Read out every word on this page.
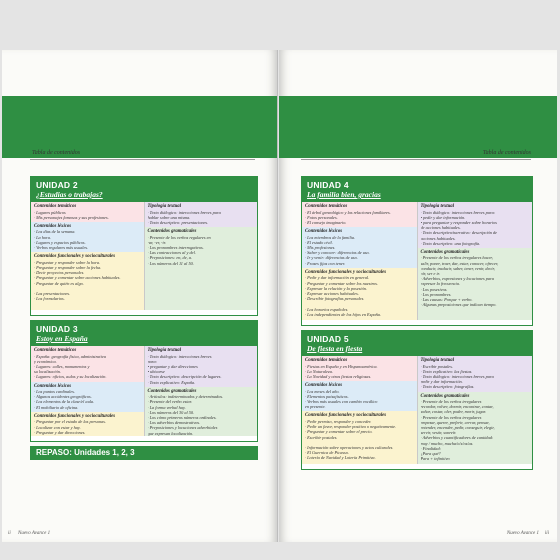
Tabla de contenidos
UNIDAD 2
¿Estudias o trabajas?
Contenidos temáticos
· Lugares públicos
· Mis personajes famosos y sus profesiones.
Contenidos léxicos
· Los días de la semana.
· La hora.
· Lugares y espacios públicos.
· Verbos regulares más usuales.
Contenidos funcionales y socioculturales
· Preguntar y responder sobre la hora.
· Preguntar y responder sobre la fecha.
· Decir proyectos personales.
· Preguntar y comentar sobre acciones habituales.
· Preguntar de quién es algo.

· Las presentaciones.
· Los formularios.
Tipología textual
· Texto diálogico: intercciones breves para
hablar sobre una misma.
· Texto descriptivo: presentaciones.
Contenidos gramaticales
· Presente de los verbos regulares en
-ar, -er, -ir.
· Los pronombres interrogativos.
· Las contracciones al y del.
· Preposiciones: en, de, a.
· Los números del 11 al 50.
UNIDAD 3
Estoy en España
Contenidos temáticos
· España: geografía física, administrativa
y económica.
· Lugares: calles, monumentos y
su localización.
· Lugares: oficios, aulas y su localización.
Contenidos léxicos
· Los puntos cardinales.
· Algunos accidentes geográficos.
· Los elementos de la clase/el aula.
· El mobiliario de oficina.
Contenidos funcionales y socioculturales
· Preguntar por el estado de las personas.
· Localizar con estar y hay.
· Preguntar y dar direcciones.

Tipología textual
· Texto diálogico: intercciones breves
para:
• preguntar y dar direcciones
• ubicarse
· Texto descriptivo: descripción de lugares.
· Texto explicativo: España.
Contenidos gramaticales
· Artículos: indeterminados y determinados.
· Presente del verbo estar.
· La forma verbal hay.
· Los números del 30 al 50.
· Los cómo primeros números ordinales.
· Los adverbios demostrativos.
· Preposiciones y locuciones adverbiales
que expresan localización.
REPASO: Unidades 1, 2, 3
ii Nuevo Avance 1
Tabla de contenidos
UNIDAD 4
La familia bien, gracias
Contenidos temáticos
· El árbol genealógico y las relaciones familiares.
· Fotos personales.
· El consejo imaginario.
Contenidos léxicos
· Los miembros de la familia.
· El estado civil.
· Mis profesiones.
· Saber y conocer: diferencias de uso.
· Ir y venir: diferencias de uso.
· Frases fijas con tener.
Contenidos funcionales y socioculturales
· Pedir y dar información en general.
· Preguntar y comentar sobre los nuestros.
· Expresar la relación y la posesión.
· Expresar acciones habituales.
· Describir fotografías personales.

· Los horarios españoles.
· Los independientes de los hijos en España.
Tipología textual
· Texto diálogico: intercciones breves para:
• pedir y dar información.
• para preguntar y responder sobre horarios
de acciones habituales.
· Texto descriptivo/narrativo: descripción de
acciones habituales.
· Texto descriptivo: una fotografía.
Contenidos gramaticales
· Presente de los verbos irregulares hacer,
salir, poner, traer, dar, estar, conocer, ofrecer,
conducir, traducir, saber, tener, venir, decir,
oír, ser e ir.
· Adverbios, expresiones y locuciones para
expresar la frecuencia.
· Los posesivos.
· Los pronombres.
· Las causas: Porque + verbo.
· Algunas preposiciones que indican tiempo.
UNIDAD 5
De fiesta en fiesta
Contenidos temáticos
· Fiestas en España y en Hispanoamérica.
· La Naturaleza.
· La Navidad y otras fiestas religiosas.
Contenidos léxicos
· Los meses del año.
· Elementos paisajísticos.
· Verbos más usuales con cambio vocálico
en presente.
Contenidos funcionales y socioculturales
· Pedir permiso, responder y conceder.
· Pedir un favor, responder positiva o negativamente.
· Preguntar y comentar sobre el precio.
· Escribir postales.

· Información sobre operaciones y actos culturales.
· El Guernica de Picasso.
· Lotería de Navidad y Lotería Primitiva.
Tipología textual
· Escribir postales.
· Texto explicativo: las fiestas.
· Texto diálogico: intercciones breves para
pedir y dar información.
· Texto descriptivo: fotografías.
Contenidos gramaticales
· Presente de los verbos irregulares
recordar, volver, dormir, encontrar, contar,
soñar, costar, oler, poder, morir, jugar.
· Presente de los verbos irregulares
empezar, querer, preferir, cerrar, pensar,
entender, encender, pedir, conseguir, elegir,
servir, vestir, sonreír.
· Adverbios y cuantificadores de cantidad:
muy / mucho, mucha/o/s/os/as.
· Finalidad:
¿Para qué?
Para + infinitivo
Nuevo Avance 1 iii
